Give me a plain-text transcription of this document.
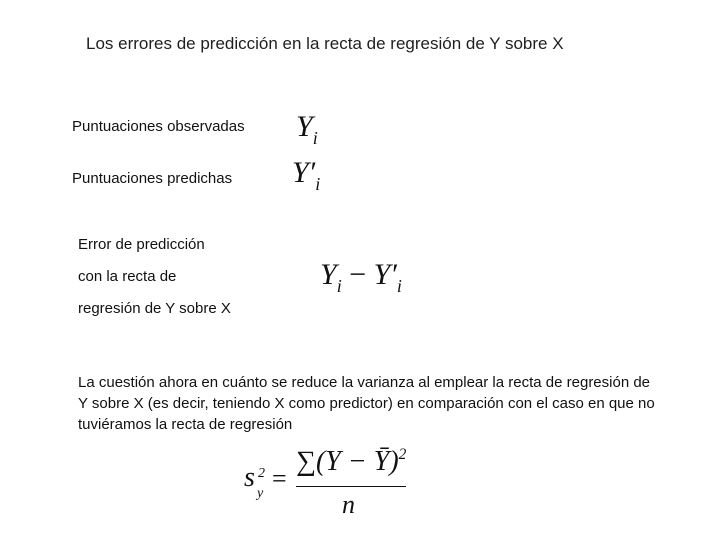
Los errores de predicción en la recta de regresión de Y sobre X
Puntuaciones observadas $Y_i$
Puntuaciones predichas $Y'_i$
Error de predicción
con la recta de
regresión de Y sobre X
$Y_i - Y'_i$
La cuestión ahora en cuánto se reduce la varianza al emplear la recta de regresión de Y sobre X (es decir, teniendo X como predictor) en comparación con el caso en que no tuviéramos la recta de regresión
s 2
y
=
∑(Y − Ȳ)$^2$
n
